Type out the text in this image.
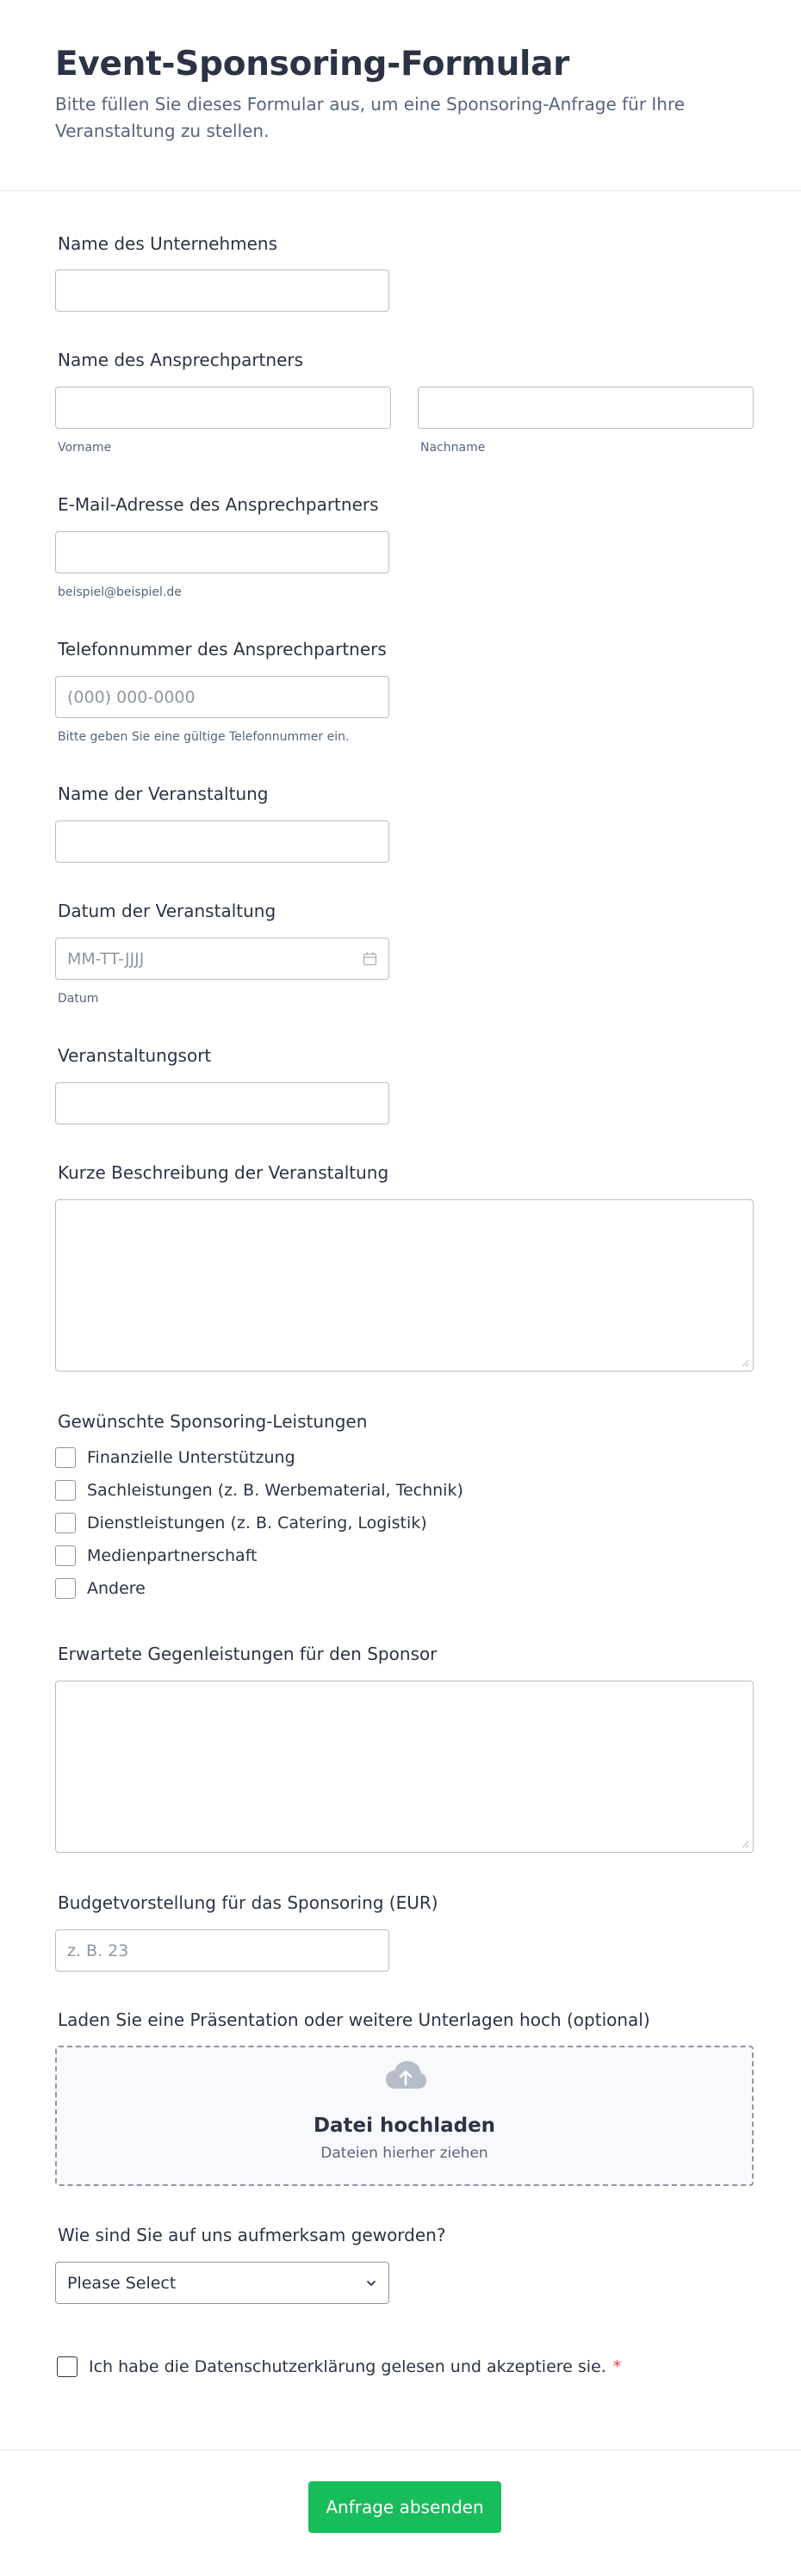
Event-Sponsoring-Formular
Bitte füllen Sie dieses Formular aus, um eine Sponsoring-Anfrage für Ihre Veranstaltung zu stellen.
Name des Unternehmens
Name des Ansprechpartners
Vorname	Nachname
E-Mail-Adresse des Ansprechpartners
beispiel@beispiel.de
Telefonnummer des Ansprechpartners
(000) 000-0000
Bitte geben Sie eine gültige Telefonnummer ein.
Name der Veranstaltung
Datum der Veranstaltung
MM-TT-JJJJ
Datum
Veranstaltungsort
Kurze Beschreibung der Veranstaltung
Gewünschte Sponsoring-Leistungen
Finanzielle Unterstützung
Sachleistungen (z. B. Werbematerial, Technik)
Dienstleistungen (z. B. Catering, Logistik)
Medienpartnerschaft
Andere
Erwartete Gegenleistungen für den Sponsor
Budgetvorstellung für das Sponsoring (EUR)
z. B. 23
Laden Sie eine Präsentation oder weitere Unterlagen hoch (optional)
Datei hochladen
Dateien hierher ziehen
Wie sind Sie auf uns aufmerksam geworden?
Please Select
Ich habe die Datenschutzerklärung gelesen und akzeptiere sie. *
Anfrage absenden
